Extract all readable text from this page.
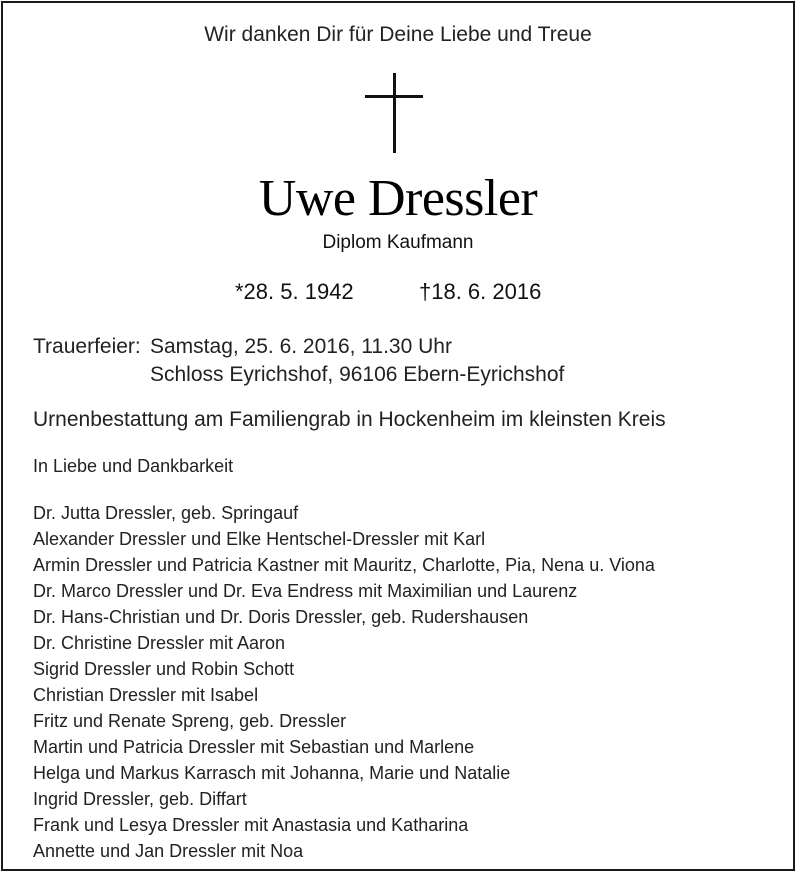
Wir danken Dir für Deine Liebe und Treue
Uwe Dressler
Diplom Kaufmann
*28. 5. 1942	†18. 6. 2016
Trauerfeier: Samstag, 25. 6. 2016, 11.30 Uhr
Schloss Eyrichshof, 96106 Ebern-Eyrichshof
Urnenbestattung am Familiengrab in Hockenheim im kleinsten Kreis
In Liebe und Dankbarkeit
Dr. Jutta Dressler, geb. Springauf
Alexander Dressler und Elke Hentschel-Dressler mit Karl
Armin Dressler und Patricia Kastner mit Mauritz, Charlotte, Pia, Nena u. Viona
Dr. Marco Dressler und Dr. Eva Endress mit Maximilian und Laurenz
Dr. Hans-Christian und Dr. Doris Dressler, geb. Rudershausen
Dr. Christine Dressler mit Aaron
Sigrid Dressler und Robin Schott
Christian Dressler mit Isabel
Fritz und Renate Spreng, geb. Dressler
Martin und Patricia Dressler mit Sebastian und Marlene
Helga und Markus Karrasch mit Johanna, Marie und Natalie
Ingrid Dressler, geb. Diffart
Frank und Lesya Dressler mit Anastasia und Katharina
Annette und Jan Dressler mit Noa
